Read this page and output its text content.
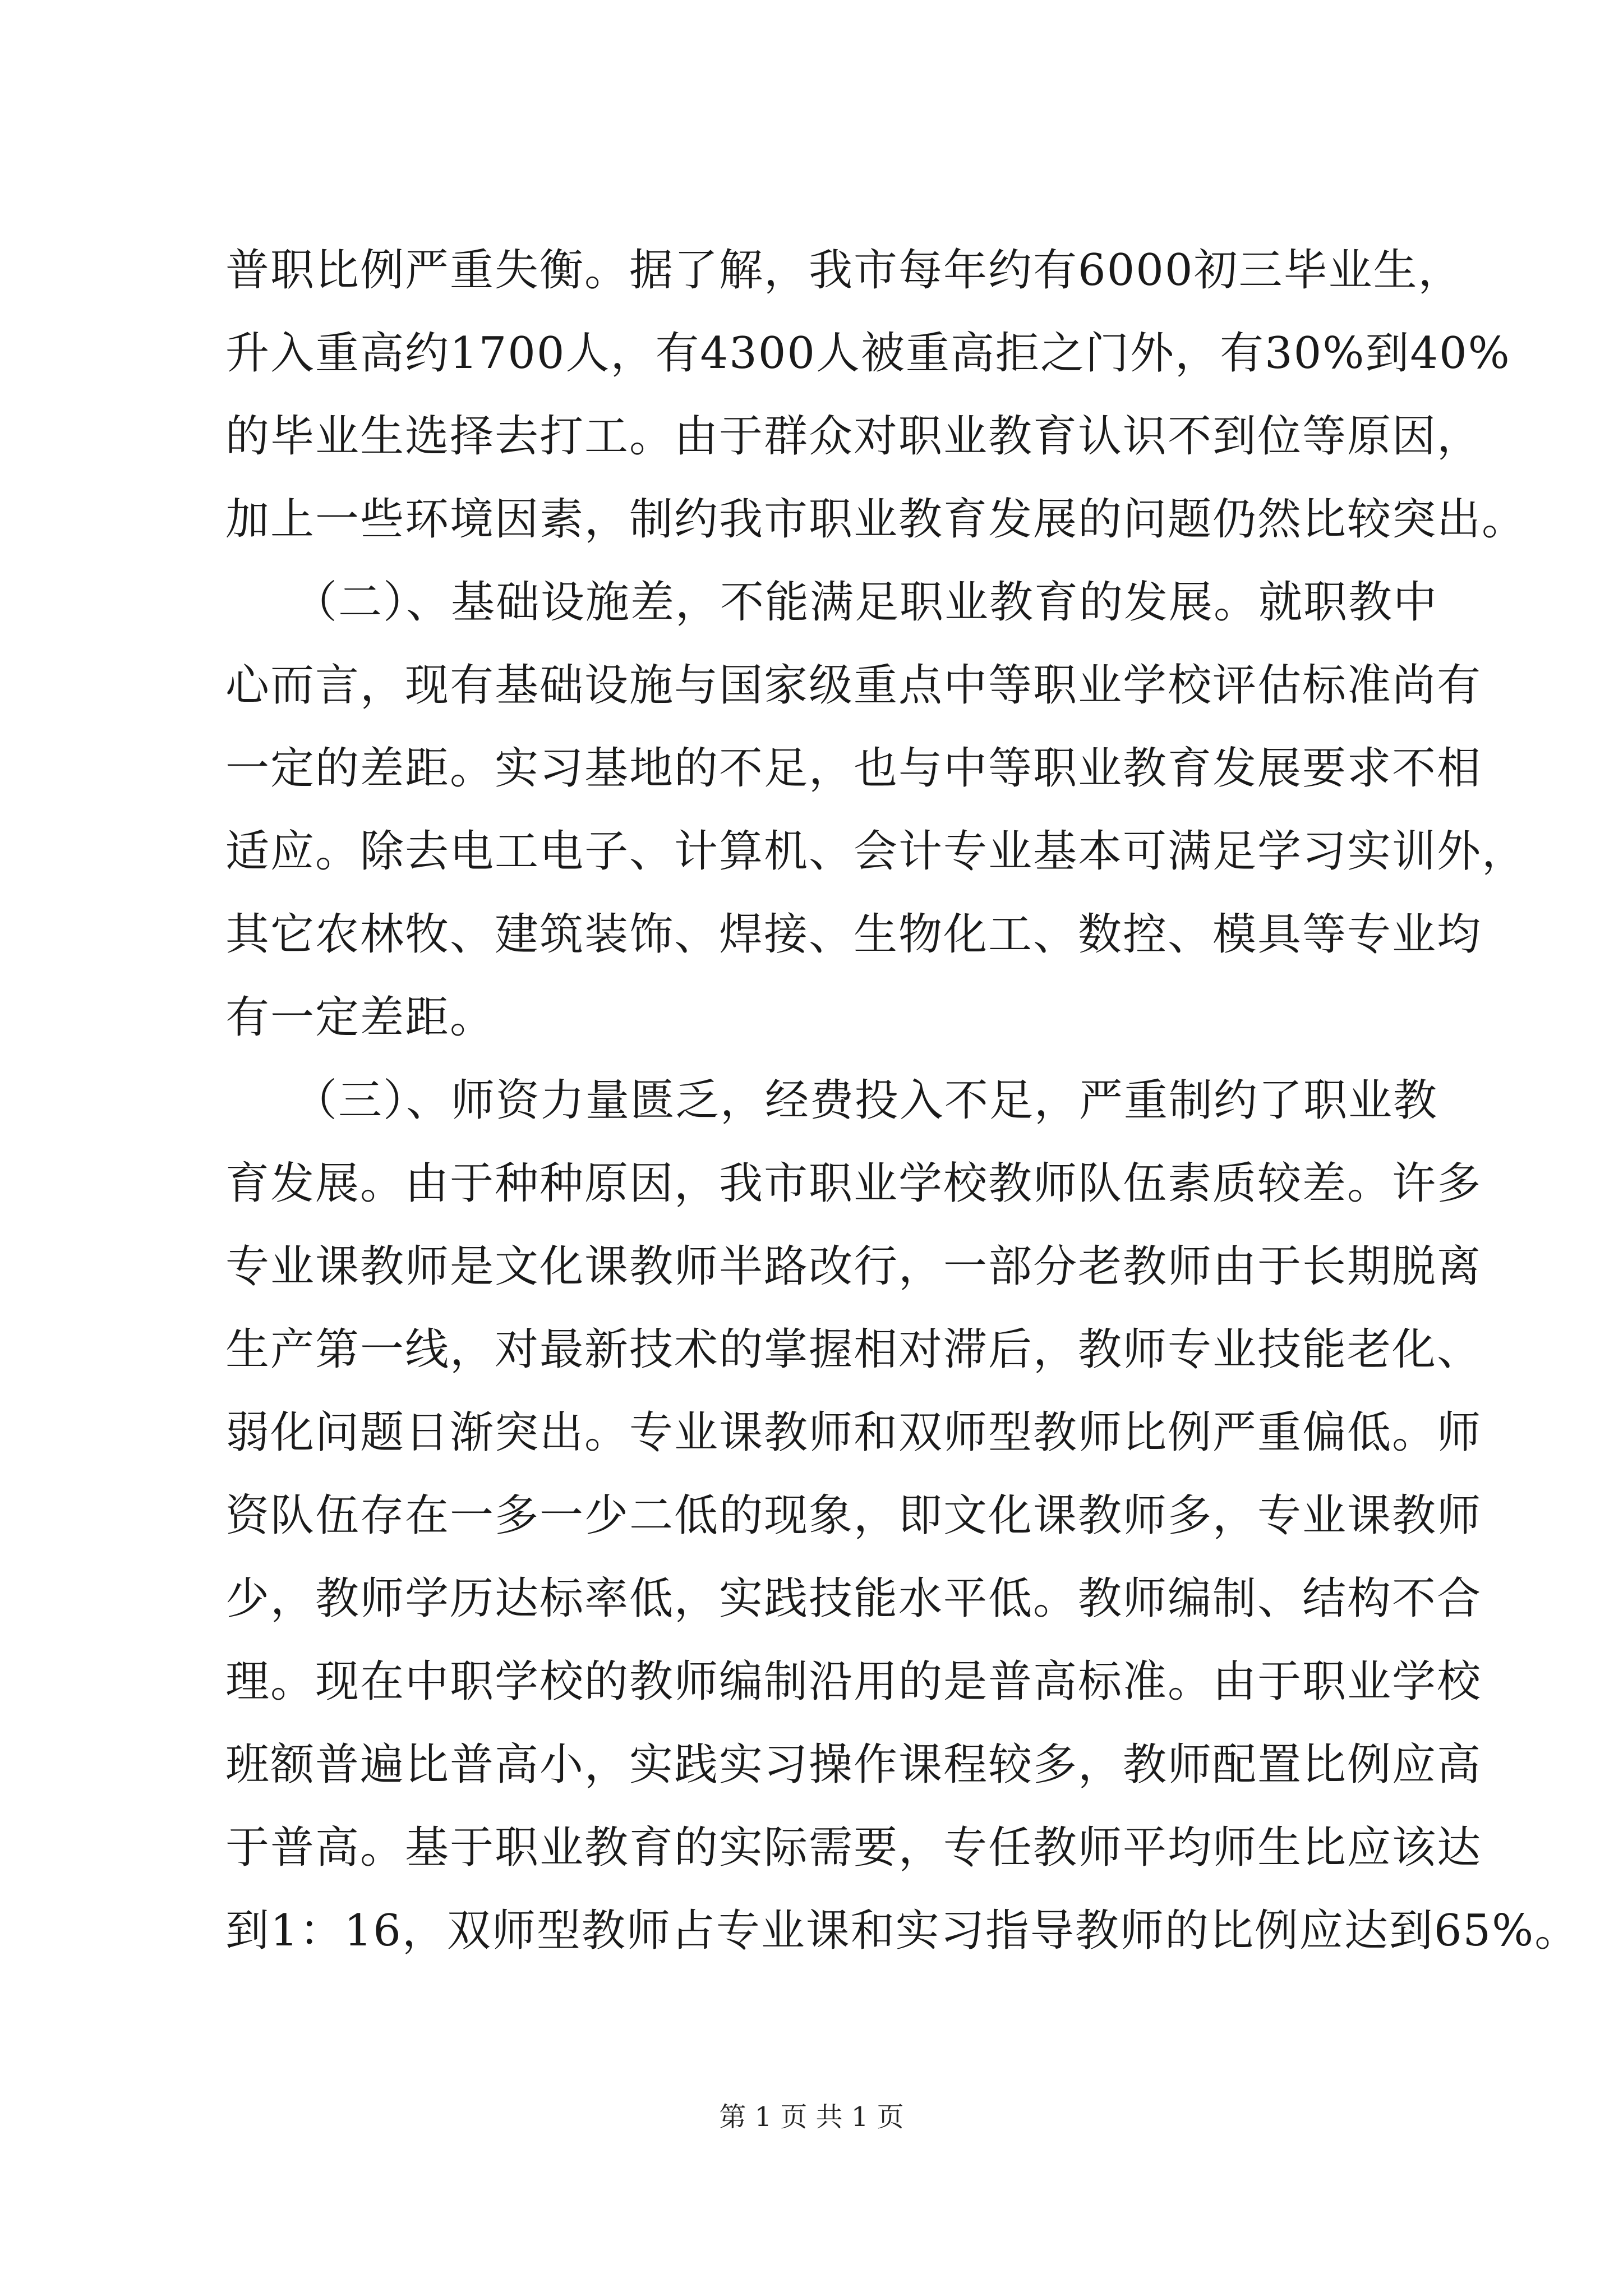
普职比例严重失衡。据了解，我市每年约有6000初三毕业生，
升入重高约1700人，有4300人被重高拒之门外，有30%到40%
的毕业生选择去打工。由于群众对职业教育认识不到位等原因，
加上一些环境因素，制约我市职业教育发展的问题仍然比较突出。
　　（二）、基础设施差，不能满足职业教育的发展。就职教中
心而言，现有基础设施与国家级重点中等职业学校评估标准尚有
一定的差距。实习基地的不足，也与中等职业教育发展要求不相
适应。除去电工电子、计算机、会计专业基本可满足学习实训外，
其它农林牧、建筑装饰、焊接、生物化工、数控、模具等专业均
有一定差距。
　　（三）、师资力量匮乏，经费投入不足，严重制约了职业教
育发展。由于种种原因，我市职业学校教师队伍素质较差。许多
专业课教师是文化课教师半路改行，一部分老教师由于长期脱离
生产第一线，对最新技术的掌握相对滞后，教师专业技能老化、
弱化问题日渐突出。专业课教师和双师型教师比例严重偏低。师
资队伍存在一多一少二低的现象，即文化课教师多，专业课教师
少，教师学历达标率低，实践技能水平低。教师编制、结构不合
理。现在中职学校的教师编制沿用的是普高标准。由于职业学校
班额普遍比普高小，实践实习操作课程较多，教师配置比例应高
于普高。基于职业教育的实际需要，专任教师平均师生比应该达
到1：16，双师型教师占专业课和实习指导教师的比例应达到65%。
第 1 页 共 1 页
